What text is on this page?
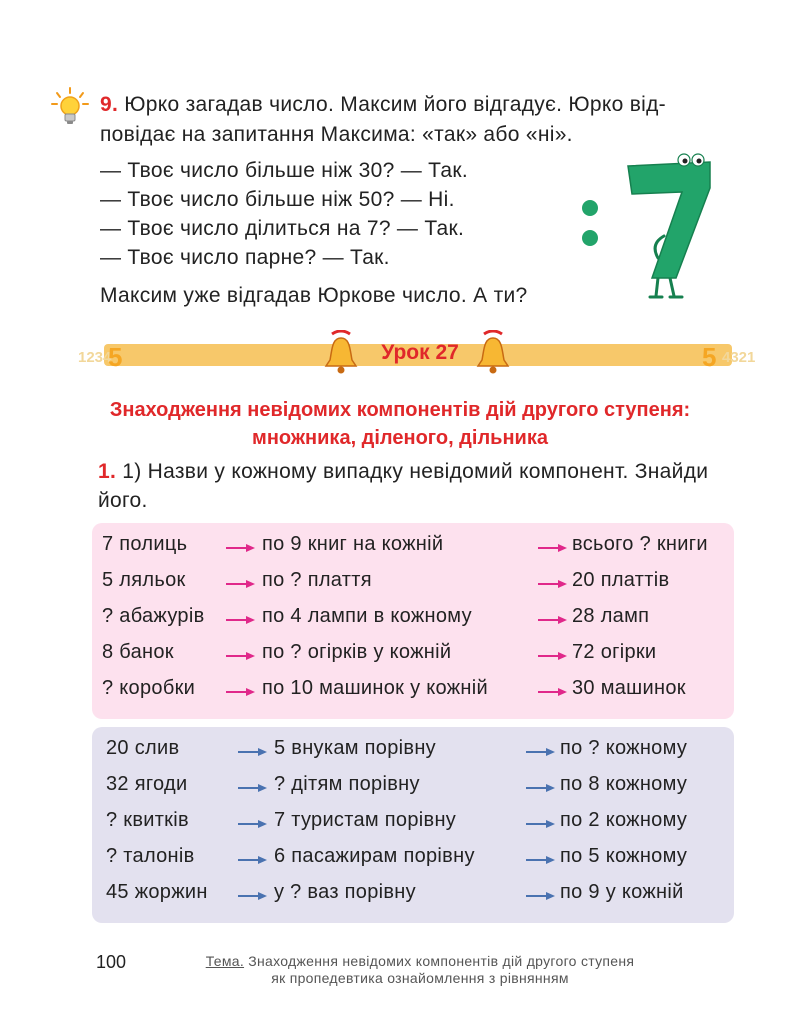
9. Юрко загадав число. Максим його відгадує. Юрко від-
повідає на запитання Максима: «так» або «ні».
— Твоє число більше ніж 30? — Так.
— Твоє число більше ніж 50? — Ні.
— Твоє число ділиться на 7? — Так.
— Твоє число парне? — Так.
Максим уже відгадав Юркове число. А ти?
1234
5	5 4321
Урок 27
Знаходження невідомих компонентів дій другого ступеня:
множника, діленого, дільника
1. 1) Назви у кожному випадку невідомий компонент. Знайди
його.
7 полиць	по 9 книг на кожній	всього ? книги
5 ляльок	по ? плаття	20 платтів
? абажурів	по 4 лампи в кожному	28 ламп
8 банок	по ? огірків у кожній	72 огірки
? коробки	по 10 машинок у кожній	30 машинок
20 слив	5 внукам порівну	по ? кожному
32 ягоди	? дітям порівну	по 8 кожному
? квитків	7 туристам порівну	по 2 кожному
? талонів	6 пасажирам порівну	по 5 кожному
45 жоржин	у ? ваз порівну	по 9 у кожній
100	Тема. Знаходження невідомих компонентів дій другого ступеня
як пропедевтика ознайомлення з рівнянням
